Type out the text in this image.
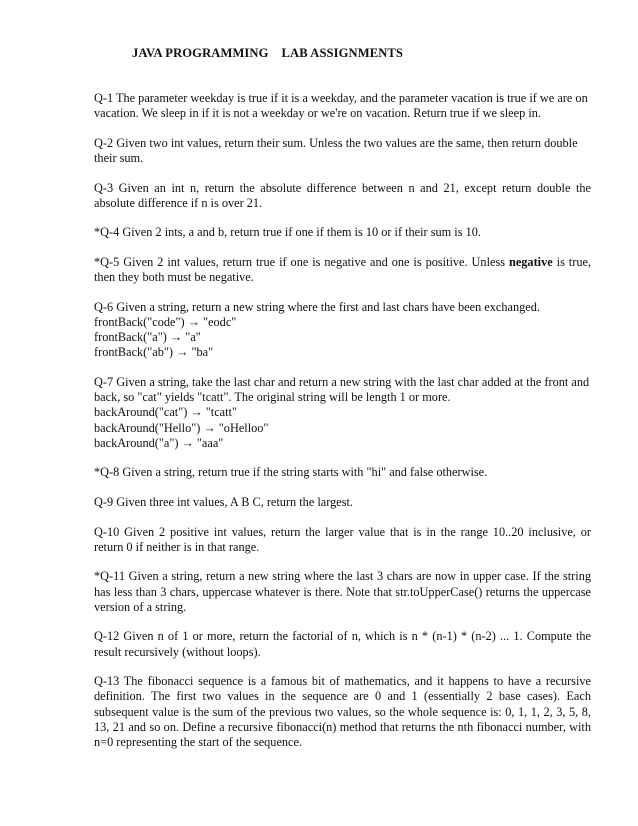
JAVA PROGRAMMING    LAB ASSIGNMENTS
Q-1 The parameter weekday is true if it is a weekday, and the parameter vacation is true if we are on vacation. We sleep in if it is not a weekday or we're on vacation. Return true if we sleep in.
Q-2 Given two int values, return their sum. Unless the two values are the same, then return double their sum.
Q-3 Given an int n, return the absolute difference between n and 21, except return double the absolute difference if n is over 21.
*Q-4 Given 2 ints, a and b, return true if one if them is 10 or if their sum is 10.
*Q-5 Given 2 int values, return true if one is negative and one is positive. Unless negative is true, then they both must be negative.
Q-6 Given a string, return a new string where the first and last chars have been exchanged.
frontBack("code") → "eodc"
frontBack("a") → "a"
frontBack("ab") → "ba"
Q-7 Given a string, take the last char and return a new string with the last char added at the front and back, so "cat" yields "tcatt". The original string will be length 1 or more.
backAround("cat") → "tcatt"
backAround("Hello") → "oHelloo"
backAround("a") → "aaa"
*Q-8 Given a string, return true if the string starts with "hi" and false otherwise.
Q-9 Given three int values, A B C, return the largest.
Q-10 Given 2 positive int values, return the larger value that is in the range 10..20 inclusive, or return 0 if neither is in that range.
*Q-11 Given a string, return a new string where the last 3 chars are now in upper case. If the string has less than 3 chars, uppercase whatever is there. Note that str.toUpperCase() returns the uppercase version of a string.
Q-12 Given n of 1 or more, return the factorial of n, which is n * (n-1) * (n-2) ... 1. Compute the result recursively (without loops).
Q-13 The fibonacci sequence is a famous bit of mathematics, and it happens to have a recursive definition. The first two values in the sequence are 0 and 1 (essentially 2 base cases). Each subsequent value is the sum of the previous two values, so the whole sequence is: 0, 1, 1, 2, 3, 5, 8, 13, 21 and so on. Define a recursive fibonacci(n) method that returns the nth fibonacci number, with n=0 representing the start of the sequence.
